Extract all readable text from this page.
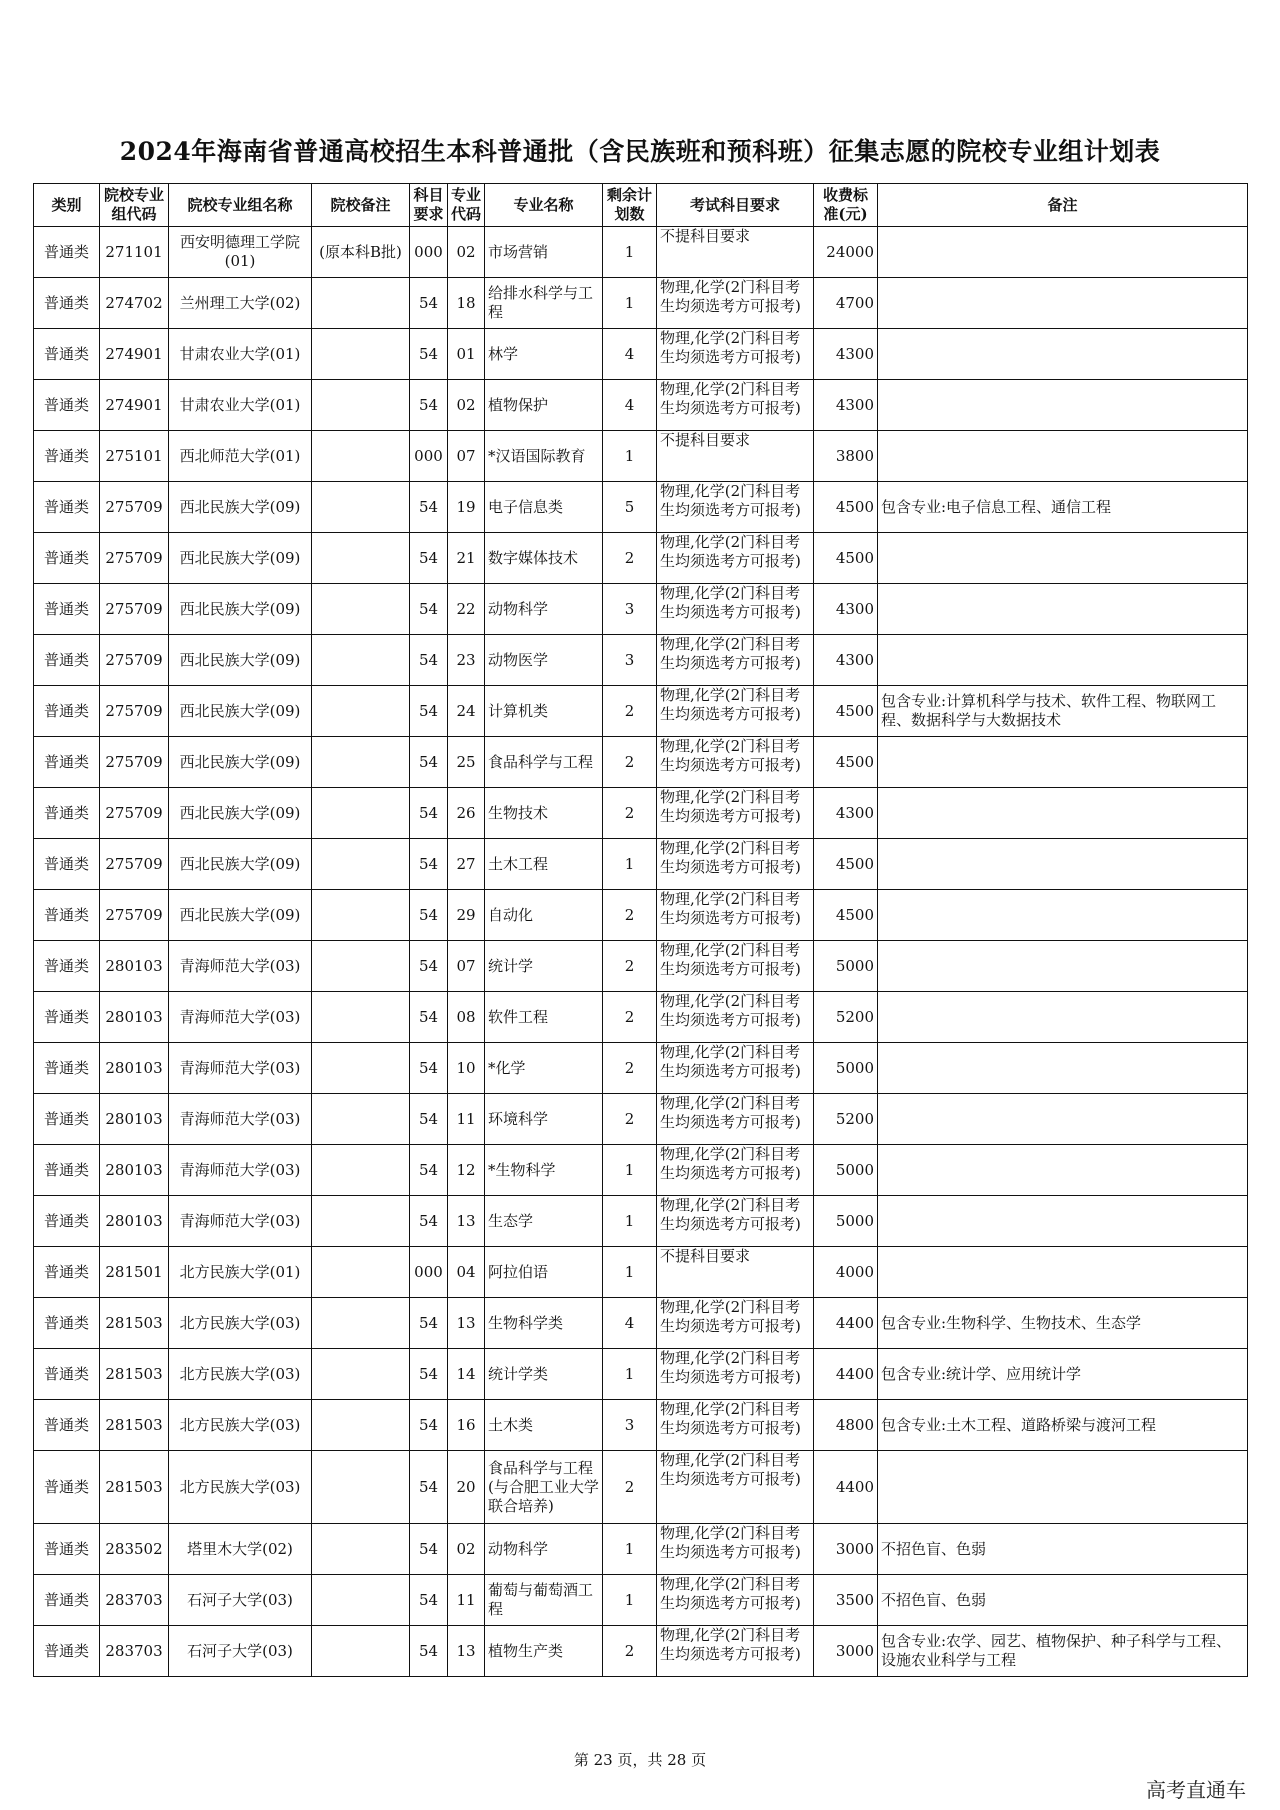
2024年海南省普通高校招生本科普通批（含民族班和预科班）征集志愿的院校专业组计划表
类别	院校专业组代码	院校专业组名称	院校备注	科目要求	专业代码	专业名称	剩余计划数	考试科目要求	收费标准(元)	备注
普通类	271101	西安明德理工学院(01)	(原本科B批)	000	02	市场营销	1	不提科目要求	24000	
普通类	274702	兰州理工大学(02)		54	18	给排水科学与工程	1	物理,化学(2门科目考生均须选考方可报考)	4700	
普通类	274901	甘肃农业大学(01)		54	01	林学	4	物理,化学(2门科目考生均须选考方可报考)	4300	
普通类	274901	甘肃农业大学(01)		54	02	植物保护	4	物理,化学(2门科目考生均须选考方可报考)	4300	
普通类	275101	西北师范大学(01)		000	07	*汉语国际教育	1	不提科目要求	3800	
普通类	275709	西北民族大学(09)		54	19	电子信息类	5	物理,化学(2门科目考生均须选考方可报考)	4500	包含专业:电子信息工程、通信工程
普通类	275709	西北民族大学(09)		54	21	数字媒体技术	2	物理,化学(2门科目考生均须选考方可报考)	4500	
普通类	275709	西北民族大学(09)		54	22	动物科学	3	物理,化学(2门科目考生均须选考方可报考)	4300	
普通类	275709	西北民族大学(09)		54	23	动物医学	3	物理,化学(2门科目考生均须选考方可报考)	4300	
普通类	275709	西北民族大学(09)		54	24	计算机类	2	物理,化学(2门科目考生均须选考方可报考)	4500	包含专业:计算机科学与技术、软件工程、物联网工程、数据科学与大数据技术
普通类	275709	西北民族大学(09)		54	25	食品科学与工程	2	物理,化学(2门科目考生均须选考方可报考)	4500	
普通类	275709	西北民族大学(09)		54	26	生物技术	2	物理,化学(2门科目考生均须选考方可报考)	4300	
普通类	275709	西北民族大学(09)		54	27	土木工程	1	物理,化学(2门科目考生均须选考方可报考)	4500	
普通类	275709	西北民族大学(09)		54	29	自动化	2	物理,化学(2门科目考生均须选考方可报考)	4500	
普通类	280103	青海师范大学(03)		54	07	统计学	2	物理,化学(2门科目考生均须选考方可报考)	5000	
普通类	280103	青海师范大学(03)		54	08	软件工程	2	物理,化学(2门科目考生均须选考方可报考)	5200	
普通类	280103	青海师范大学(03)		54	10	*化学	2	物理,化学(2门科目考生均须选考方可报考)	5000	
普通类	280103	青海师范大学(03)		54	11	环境科学	2	物理,化学(2门科目考生均须选考方可报考)	5200	
普通类	280103	青海师范大学(03)		54	12	*生物科学	1	物理,化学(2门科目考生均须选考方可报考)	5000	
普通类	280103	青海师范大学(03)		54	13	生态学	1	物理,化学(2门科目考生均须选考方可报考)	5000	
普通类	281501	北方民族大学(01)		000	04	阿拉伯语	1	不提科目要求	4000	
普通类	281503	北方民族大学(03)		54	13	生物科学类	4	物理,化学(2门科目考生均须选考方可报考)	4400	包含专业:生物科学、生物技术、生态学
普通类	281503	北方民族大学(03)		54	14	统计学类	1	物理,化学(2门科目考生均须选考方可报考)	4400	包含专业:统计学、应用统计学
普通类	281503	北方民族大学(03)		54	16	土木类	3	物理,化学(2门科目考生均须选考方可报考)	4800	包含专业:土木工程、道路桥梁与渡河工程
普通类	281503	北方民族大学(03)		54	20	食品科学与工程(与合肥工业大学联合培养)	2	物理,化学(2门科目考生均须选考方可报考)	4400	
普通类	283502	塔里木大学(02)		54	02	动物科学	1	物理,化学(2门科目考生均须选考方可报考)	3000	不招色盲、色弱
普通类	283703	石河子大学(03)		54	11	葡萄与葡萄酒工程	1	物理,化学(2门科目考生均须选考方可报考)	3500	不招色盲、色弱
普通类	283703	石河子大学(03)		54	13	植物生产类	2	物理,化学(2门科目考生均须选考方可报考)	3000	包含专业:农学、园艺、植物保护、种子科学与工程、设施农业科学与工程
第 23 页，共 28 页
高考直通车
